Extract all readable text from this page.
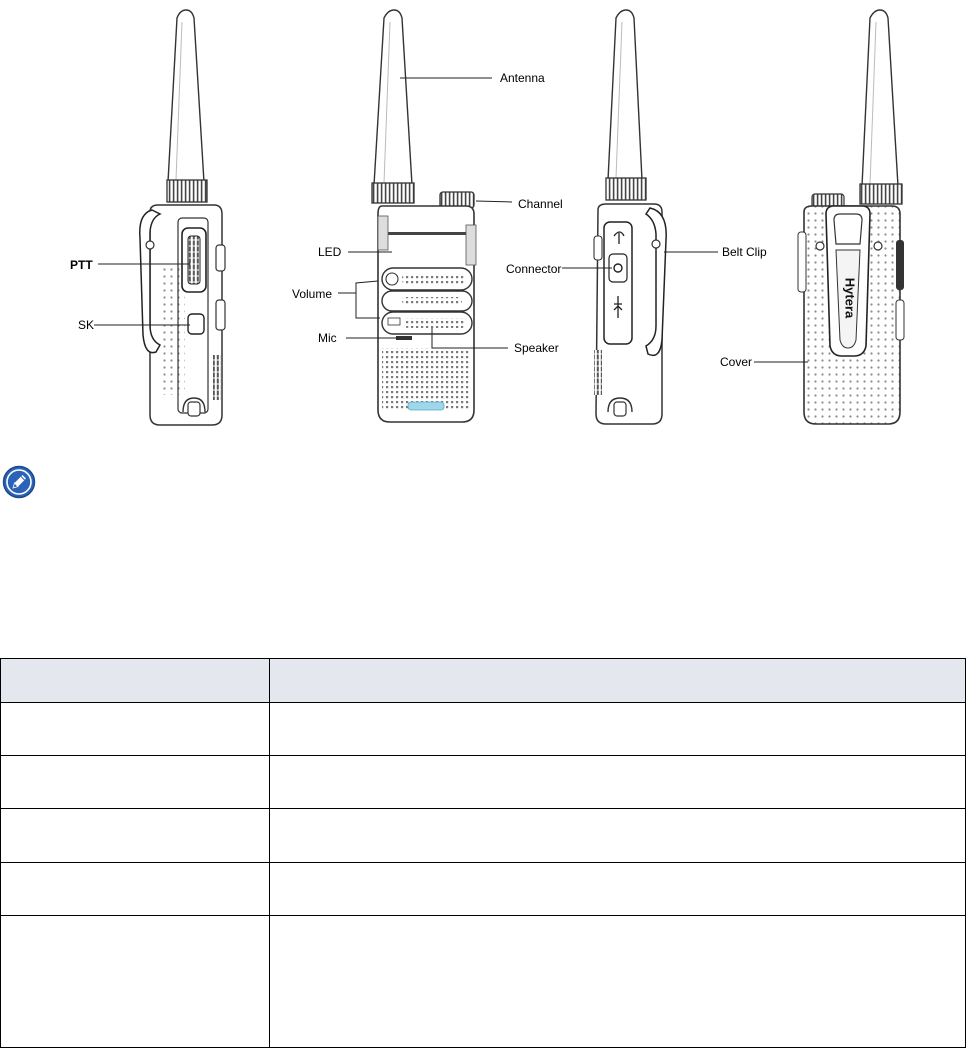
Hytera
Antenna
Channel
LED
PTT	Connector
Belt Clip
Volume
SK
Mic
Speaker
Cover
